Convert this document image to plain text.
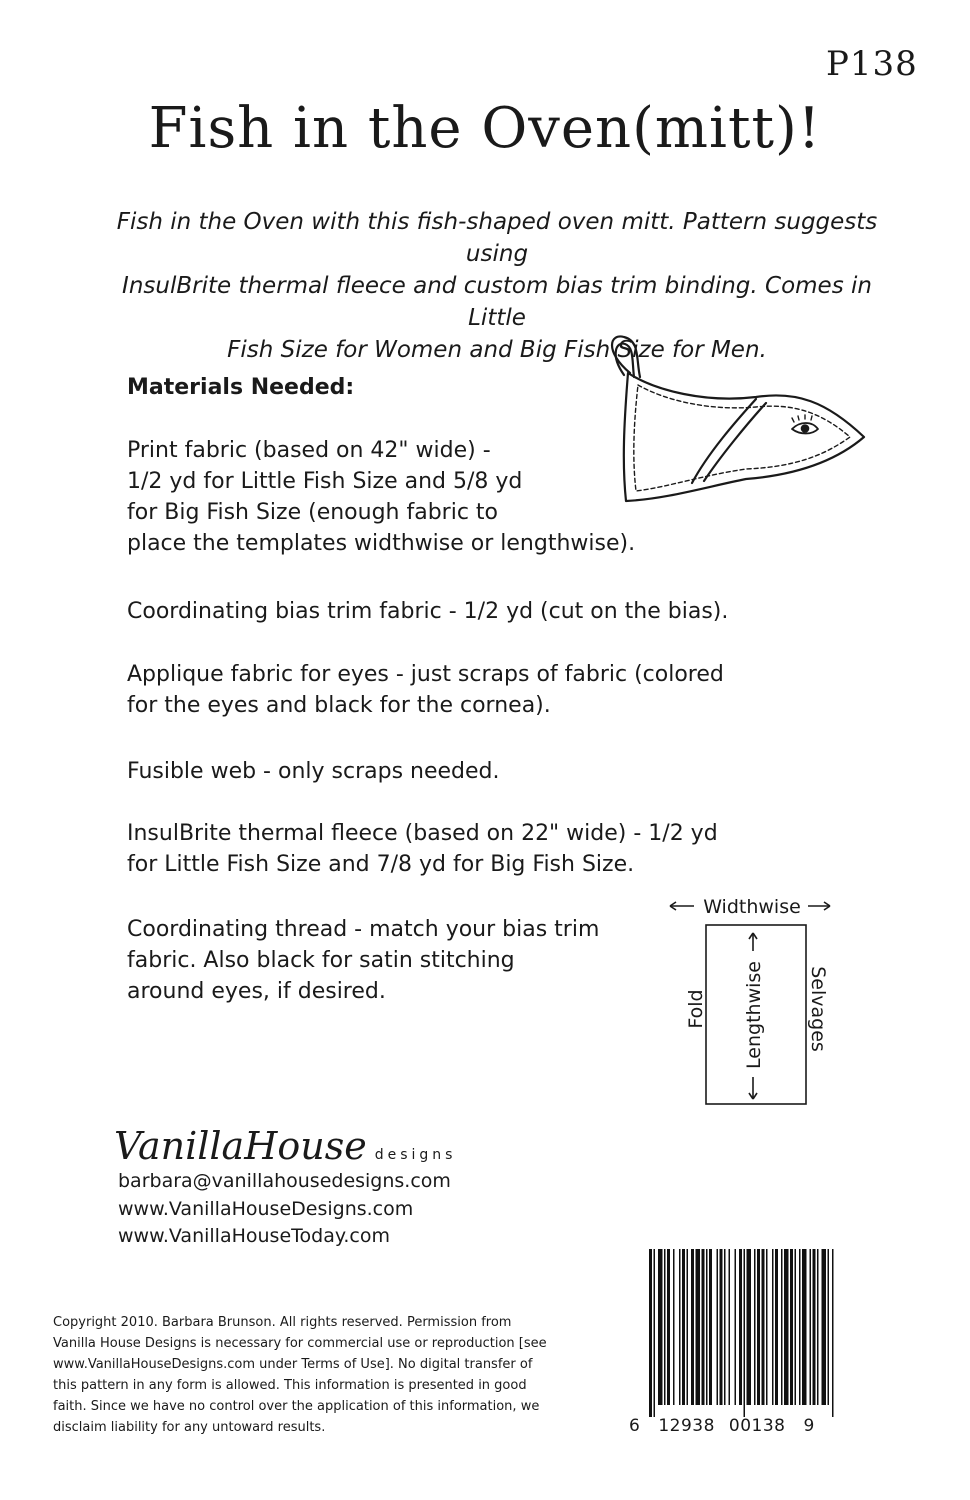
P138
Fish in the Oven(mitt)!
Fish in the Oven with this fish-shaped oven mitt. Pattern suggests using
InsulBrite thermal fleece and custom bias trim binding. Comes in Little
Fish Size for Women and Big Fish Size for Men.
Materials Needed:
Print fabric (based on 42" wide) -
1/2 yd for Little Fish Size and 5/8 yd
for Big Fish Size (enough fabric to
place the templates widthwise or lengthwise).
Coordinating bias trim fabric - 1/2 yd (cut on the bias).
Applique fabric for eyes - just scraps of fabric (colored
for the eyes and black for the cornea).
Fusible web - only scraps needed.
InsulBrite thermal fleece (based on 22" wide) - 1/2 yd
for Little Fish Size and 7/8 yd for Big Fish Size.
Coordinating thread - match your bias trim
fabric. Also black for satin stitching
around eyes, if desired.
Widthwise
Lengthwise
Fold	Selvages
VanillaHouse designs
barbara@vanillahousedesigns.com
www.VanillaHouseDesigns.com
www.VanillaHouseToday.com
Copyright 2010. Barbara Brunson. All rights reserved. Permission from
Vanilla House Designs is necessary for commercial use or reproduction [see
www.VanillaHouseDesigns.com under Terms of Use]. No digital transfer of
this pattern in any form is allowed. This information is presented in good
faith. Since we have no control over the application of this information, we
disclaim liability for any untoward results.	6 12938 00138 9
